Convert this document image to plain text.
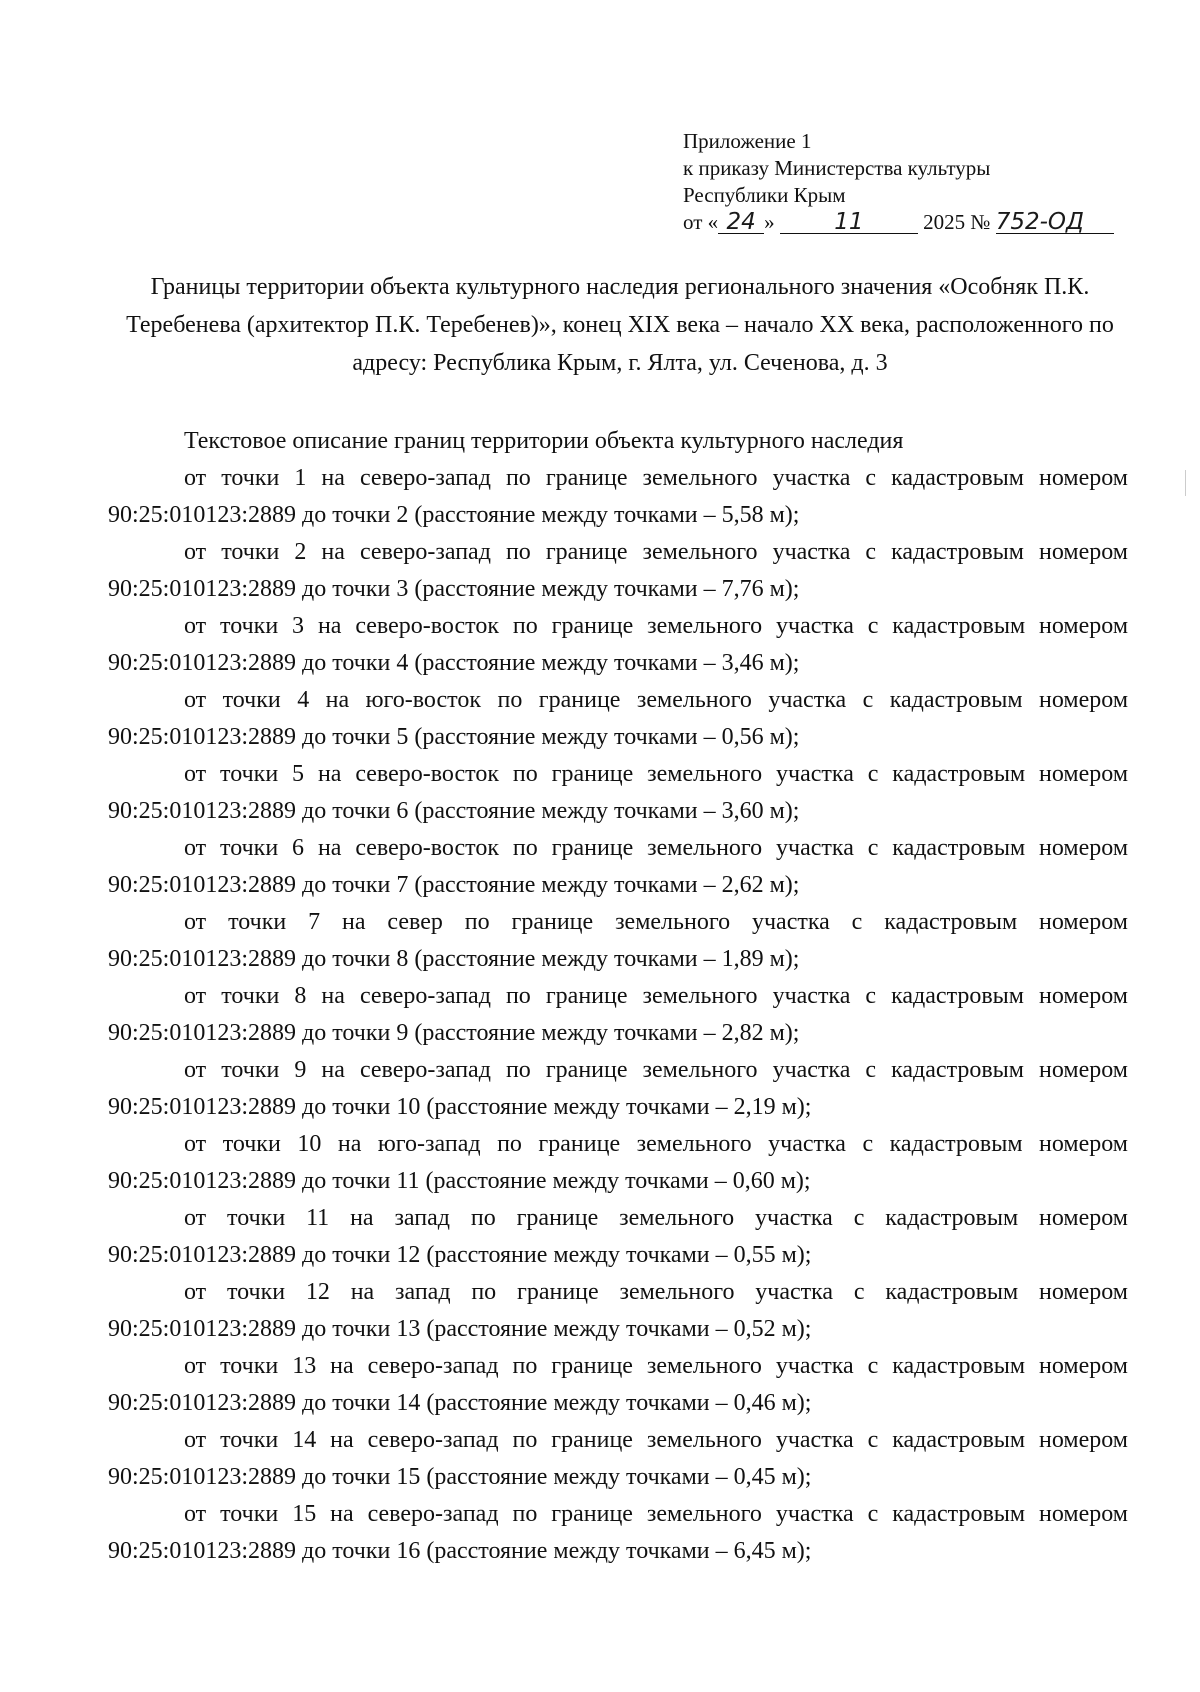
Приложение 1
к приказу Министерства культуры
Республики Крым
от « 24 »	11	2025 № 752-ОД
Границы территории объекта культурного наследия регионального значения «Особняк П.К. Теребенева (архитектор П.К. Теребенев)», конец XIX века – начало XX века, расположенного по адресу: Республика Крым, г. Ялта, ул. Сеченова, д. 3

Текстовое описание границ территории объекта культурного наследия

от точки 1 на северо-запад по границе земельного участка с кадастровым номером 90:25:010123:2889 до точки 2 (расстояние между точками – 5,58 м);

от точки 2 на северо-запад по границе земельного участка с кадастровым номером 90:25:010123:2889 до точки 3 (расстояние между точками – 7,76 м);

от точки 3 на северо-восток по границе земельного участка с кадастровым номером 90:25:010123:2889 до точки 4 (расстояние между точками – 3,46 м);

от точки 4 на юго-восток по границе земельного участка с кадастровым номером 90:25:010123:2889 до точки 5 (расстояние между точками – 0,56 м);

от точки 5 на северо-восток по границе земельного участка с кадастровым номером 90:25:010123:2889 до точки 6 (расстояние между точками – 3,60 м);

от точки 6 на северо-восток по границе земельного участка с кадастровым номером 90:25:010123:2889 до точки 7 (расстояние между точками – 2,62 м);

от точки 7 на север по границе земельного участка с кадастровым номером 90:25:010123:2889 до точки 8 (расстояние между точками – 1,89 м);

от точки 8 на северо-запад по границе земельного участка с кадастровым номером 90:25:010123:2889 до точки 9 (расстояние между точками – 2,82 м);

от точки 9 на северо-запад по границе земельного участка с кадастровым номером 90:25:010123:2889 до точки 10 (расстояние между точками – 2,19 м);

от точки 10 на юго-запад по границе земельного участка с кадастровым номером 90:25:010123:2889 до точки 11 (расстояние между точками – 0,60 м);

от точки 11 на запад по границе земельного участка с кадастровым номером 90:25:010123:2889 до точки 12 (расстояние между точками – 0,55 м);

от точки 12 на запад по границе земельного участка с кадастровым номером 90:25:010123:2889 до точки 13 (расстояние между точками – 0,52 м);

от точки 13 на северо-запад по границе земельного участка с кадастровым номером 90:25:010123:2889 до точки 14 (расстояние между точками – 0,46 м);

от точки 14 на северо-запад по границе земельного участка с кадастровым номером 90:25:010123:2889 до точки 15 (расстояние между точками – 0,45 м);

от точки 15 на северо-запад по границе земельного участка с кадастровым номером 90:25:010123:2889 до точки 16 (расстояние между точками – 6,45 м);
